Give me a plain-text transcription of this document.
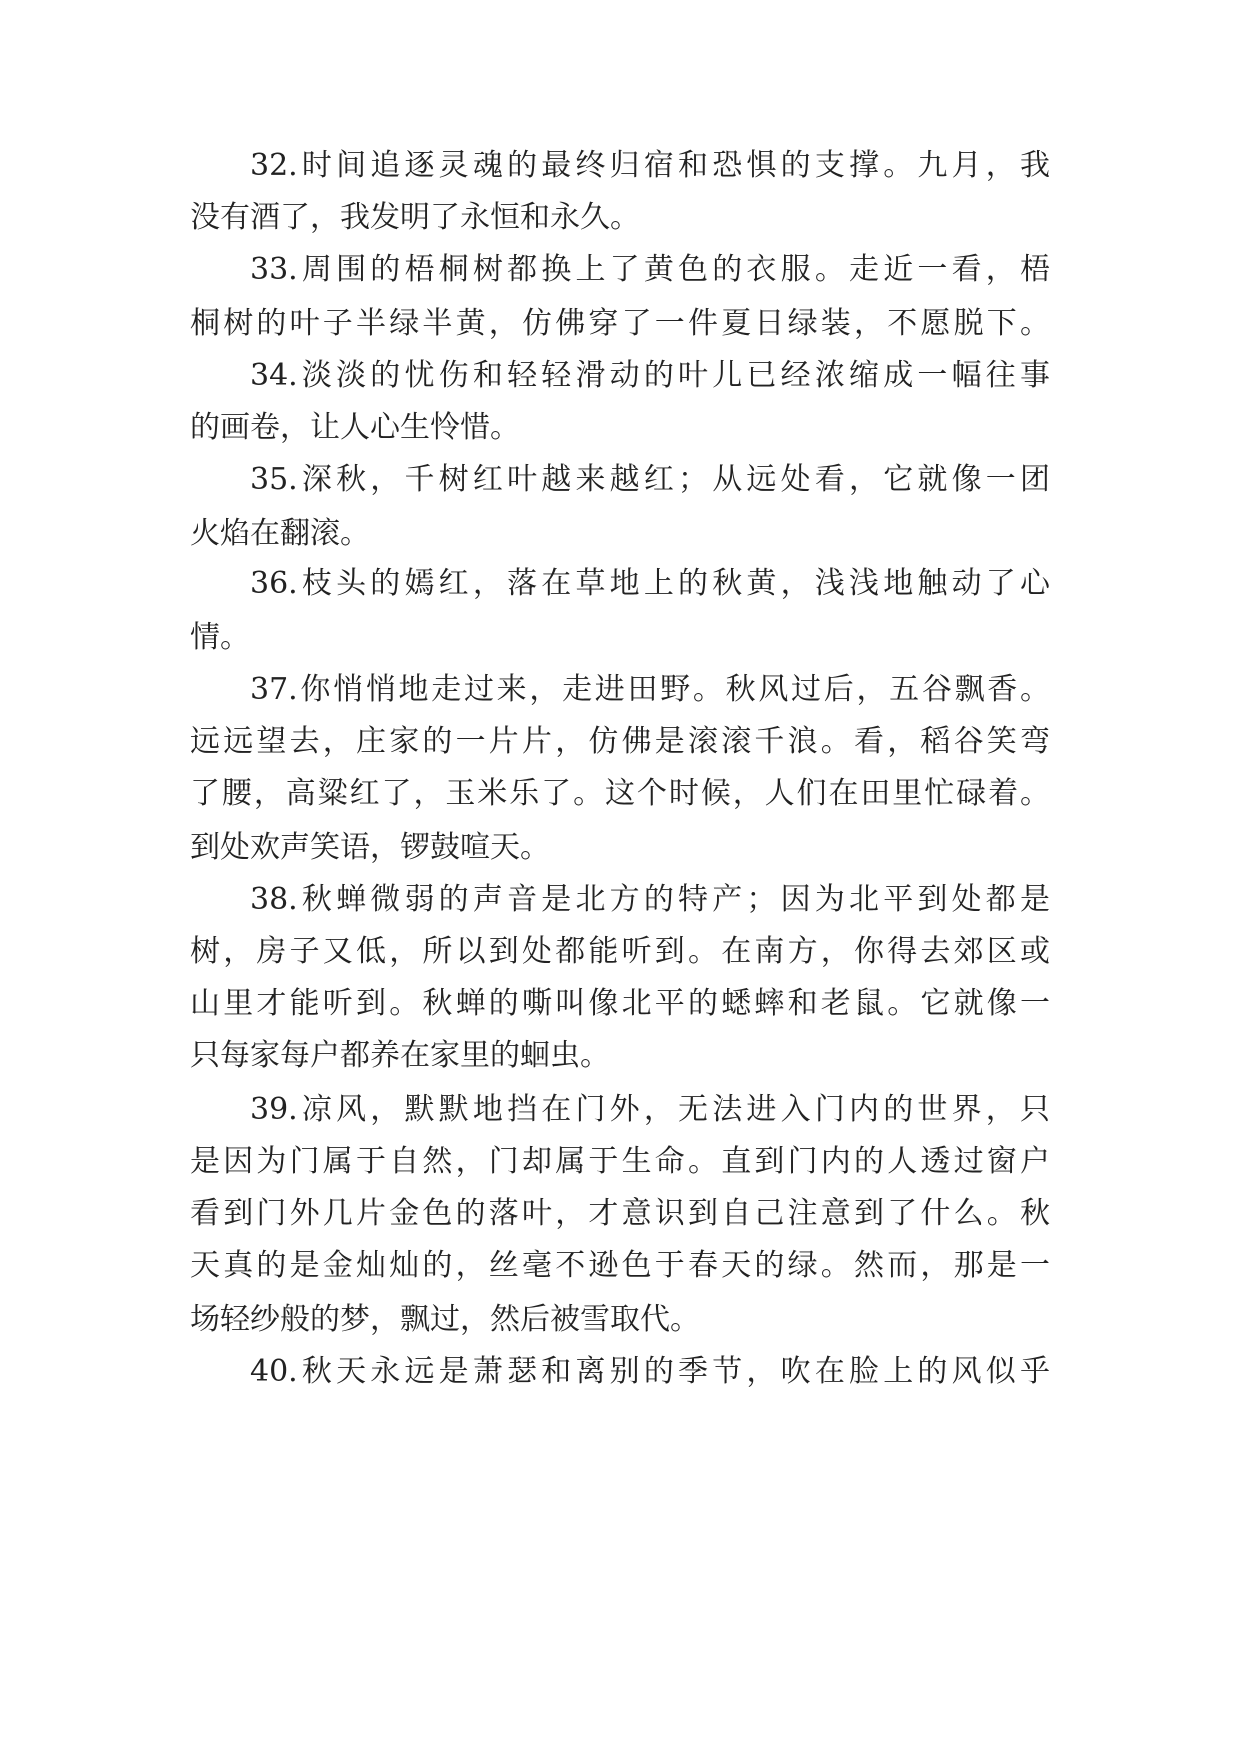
32.时间追逐灵魂的最终归宿和恐惧的支撑。九月，我
没有酒了，我发明了永恒和永久。
33.周围的梧桐树都换上了黄色的衣服。走近一看，梧
桐树的叶子半绿半黄，仿佛穿了一件夏日绿装，不愿脱下。
34.淡淡的忧伤和轻轻滑动的叶儿已经浓缩成一幅往事
的画卷，让人心生怜惜。
35.深秋，千树红叶越来越红；从远处看，它就像一团
火焰在翻滚。
36.枝头的嫣红，落在草地上的秋黄，浅浅地触动了心
情。
37.你悄悄地走过来，走进田野。秋风过后，五谷飘香。
远远望去，庄家的一片片，仿佛是滚滚千浪。看，稻谷笑弯
了腰，高粱红了，玉米乐了。这个时候，人们在田里忙碌着。
到处欢声笑语，锣鼓喧天。
38.秋蝉微弱的声音是北方的特产；因为北平到处都是
树，房子又低，所以到处都能听到。在南方，你得去郊区或
山里才能听到。秋蝉的嘶叫像北平的蟋蟀和老鼠。它就像一
只每家每户都养在家里的蛔虫。
39.凉风，默默地挡在门外，无法进入门内的世界，只
是因为门属于自然，门却属于生命。直到门内的人透过窗户
看到门外几片金色的落叶，才意识到自己注意到了什么。秋
天真的是金灿灿的，丝毫不逊色于春天的绿。然而，那是一
场轻纱般的梦，飘过，然后被雪取代。
40.秋天永远是萧瑟和离别的季节，吹在脸上的风似乎
